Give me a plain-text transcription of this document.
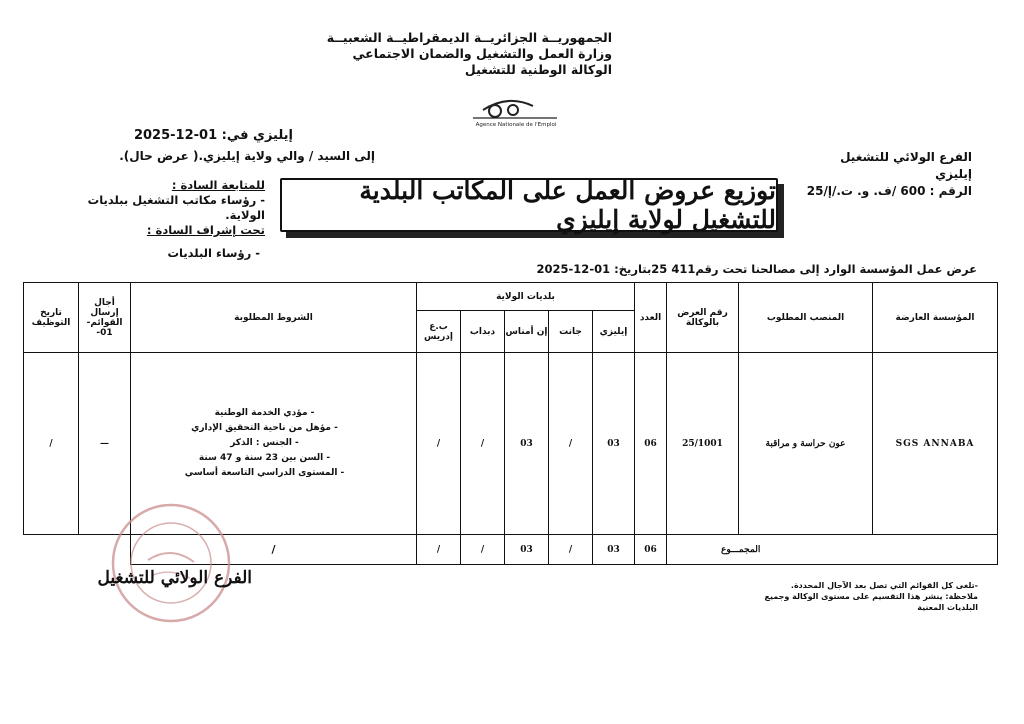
الجمهوريــة الجزائريــة الديمقراطيــة الشعبيــة
وزارة العمل والتشغيل والضمان الاجتماعي
الوكالة الوطنية للتشغيل
Agence Nationale de l'Emploi
إيليزي في: 01-12-2025
إلى السيد / والي ولاية إيليزي.( عرض حال).	الفرع الولائي للتشغيل إيليزي
الرقم : 600 /ف. و. ت./إ/25
للمتابعة السادة :
- رؤساء مكاتب التشغيل ببلديات الولاية.
تحت إشراف السادة :
توزيع عروض العمل على المكاتب البلدية للتشغيل لولاية إيليزي
- رؤساء البلديات
عرض عمل المؤسسة الوارد إلى مصالحنا تحت رقم411 25بتاريخ: 01-12-2025
المؤسسة العارضة	المنصب المطلوب	رقم العرض بالوكالة	العدد	بلديات الولاية					الشروط المطلوبة	أجال إرسال القوائم- 01-	تاريخ التوظيف
				إيليزي	جانت	إن أمناس	دبداب	ب.ع إدريس			
SGS ANNABA	عون حراسة و مراقبة	25/1001	06	03	/	03	/	/	- مؤدي الخدمة الوطنية
- مؤهل من ناحية التحقيق الإداري
- الجنس : الذكر
- السن بين 23 سنة و 47 سنة
- المستوى الدراسي التاسعة أساسي	—	/
المجمـــوع			06	03	/	03	/	/	/		
الفرع الولائي للتشغيل	-تلغى كل القوائم التي تصل بعد الآجال المحددة.
ملاحظة: ينشر هذا التقسيم على مستوى الوكالة وجميع البلديات المعنية
